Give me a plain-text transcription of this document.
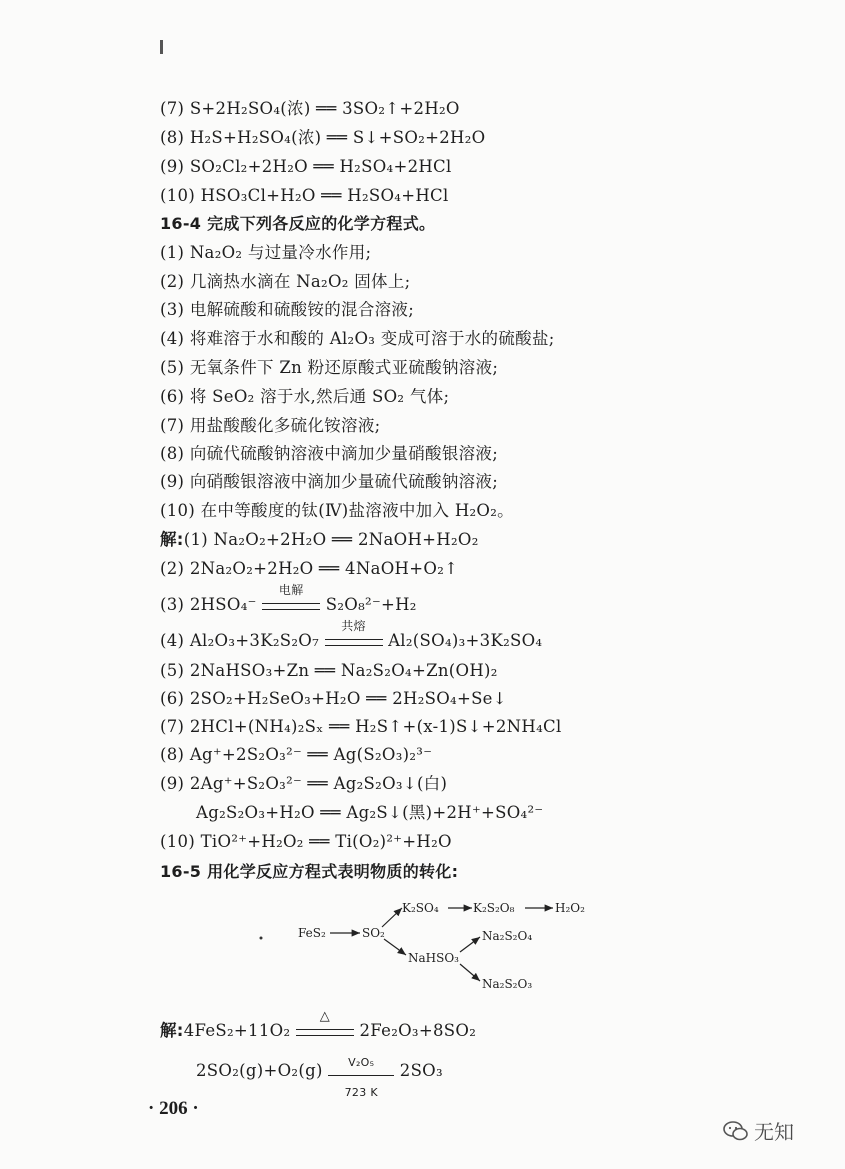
(7) S+2H₂SO₄(浓) ══ 3SO₂↑+2H₂O
(8) H₂S+H₂SO₄(浓) ══ S↓+SO₂+2H₂O
(9) SO₂Cl₂+2H₂O ══ H₂SO₄+2HCl
(10) HSO₃Cl+H₂O ══ H₂SO₄+HCl
16-4 完成下列各反应的化学方程式。
(1) Na₂O₂ 与过量冷水作用;
(2) 几滴热水滴在 Na₂O₂ 固体上;
(3) 电解硫酸和硫酸铵的混合溶液;
(4) 将难溶于水和酸的 Al₂O₃ 变成可溶于水的硫酸盐;
(5) 无氧条件下 Zn 粉还原酸式亚硫酸钠溶液;
(6) 将 SeO₂ 溶于水,然后通 SO₂ 气体;
(7) 用盐酸酸化多硫化铵溶液;
(8) 向硫代硫酸钠溶液中滴加少量硝酸银溶液;
(9) 向硝酸银溶液中滴加少量硫代硫酸钠溶液;
(10) 在中等酸度的钛(Ⅳ)盐溶液中加入 H₂O₂。
解:(1) Na₂O₂+2H₂O ══ 2NaOH+H₂O₂
(2) 2Na₂O₂+2H₂O ══ 4NaOH+O₂↑
(3) 2HSO₄⁻
电解
S₂O₈²⁻+H₂
(4) Al₂O₃+3K₂S₂O₇
共熔
Al₂(SO₄)₃+3K₂SO₄
(5) 2NaHSO₃+Zn ══ Na₂S₂O₄+Zn(OH)₂
(6) 2SO₂+H₂SeO₃+H₂O ══ 2H₂SO₄+Se↓
(7) 2HCl+(NH₄)₂Sₓ ══ H₂S↑+(x-1)S↓+2NH₄Cl
(8) Ag⁺+2S₂O₃²⁻ ══ Ag(S₂O₃)₂³⁻
(9) 2Ag⁺+S₂O₃²⁻ ══ Ag₂S₂O₃↓(白)
Ag₂S₂O₃+H₂O ══ Ag₂S↓(黑)+2H⁺+SO₄²⁻
(10) TiO²⁺+H₂O₂ ══ Ti(O₂)²⁺+H₂O
16-5 用化学反应方程式表明物质的转化:
FeS₂	SO₂
K₂SO₄	K₂S₂O₈	H₂O₂
NaHSO₃
Na₂S₂O₄
Na₂S₂O₃
解:4FeS₂+11O₂
△
2Fe₂O₃+8SO₂
$2SO_2(g)+O_2(g) \frac{\text{V₂O₅}}{723 K} 2SO_3$
· 206 ·
无知
